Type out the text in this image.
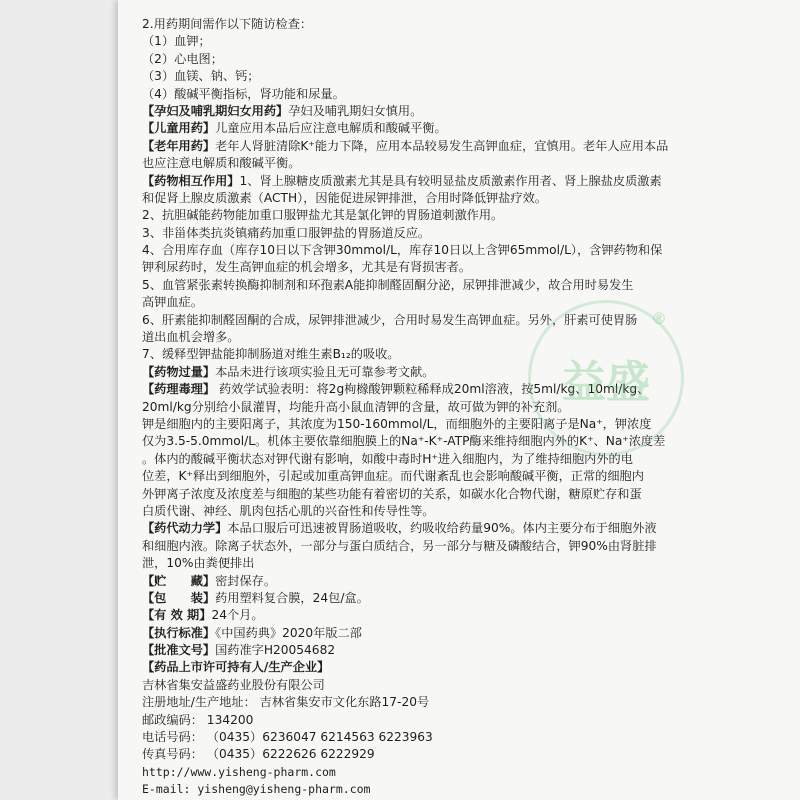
2.用药期间需作以下随访检查：
（1）血钾；
（2）心电图；
（3）血镁、钠、钙；
（4）酸碱平衡指标，肾功能和尿量。
【孕妇及哺乳期妇女用药】孕妇及哺乳期妇女慎用。
【儿童用药】儿童应用本品后应注意电解质和酸碱平衡。
【老年用药】老年人肾脏清除K⁺能力下降，应用本品较易发生高钾血症，宜慎用。老年人应用本品
也应注意电解质和酸碱平衡。
【药物相互作用】1、肾上腺糖皮质激素尤其是具有较明显盐皮质激素作用者、肾上腺盐皮质激素
和促肾上腺皮质激素（ACTH），因能促进尿钾排泄，合用时降低钾盐疗效。
2、抗胆碱能药物能加重口服钾盐尤其是氯化钾的胃肠道刺激作用。
3、非甾体类抗炎镇痛药加重口服钾盐的胃肠道反应。
4、合用库存血（库存10日以下含钾30mmol/L，库存10日以上含钾65mmol/L），含钾药物和保
钾利尿药时，发生高钾血症的机会增多，尤其是有肾损害者。
5、血管紧张素转换酶抑制剂和环孢素A能抑制醛固酮分泌，尿钾排泄减少，故合用时易发生
高钾血症。
6、肝素能抑制醛固酮的合成，尿钾排泄减少，合用时易发生高钾血症。另外，肝素可使胃肠
道出血机会增多。
7、缓释型钾盐能抑制肠道对维生素B₁₂的吸收。
【药物过量】本品未进行该项实验且无可靠参考文献。
【药理毒理】 药效学试验表明：将2g枸橼酸钾颗粒稀释成20ml溶液，按5ml/kg、10ml/kg、
20ml/kg分别给小鼠灌胃，均能升高小鼠血清钾的含量，故可做为钾的补充剂。
钾是细胞内的主要阳离子，其浓度为150-160mmol/L，而细胞外的主要阳离子是Na⁺，钾浓度
仅为3.5-5.0mmol/L。机体主要依靠细胞膜上的Na⁺-K⁺-ATP酶来维持细胞内外的K⁺、Na⁺浓度差
。体内的酸碱平衡状态对钾代谢有影响，如酸中毒时H⁺进入细胞内，为了维持细胞内外的电
位差，K⁺释出到细胞外，引起或加重高钾血症。而代谢紊乱也会影响酸碱平衡，正常的细胞内
外钾离子浓度及浓度差与细胞的某些功能有着密切的关系，如碳水化合物代谢，糖原贮存和蛋
白质代谢、神经、肌肉包括心肌的兴奋性和传导性等。
【药代动力学】本品口服后可迅速被胃肠道吸收，约吸收给药量90%。体内主要分布于细胞外液
和细胞内液。除离子状态外，一部分与蛋白质结合，另一部分与糖及磷酸结合，钾90%由肾脏排
泄，10%由粪便排出
【贮　　藏】密封保存。
【包　　装】药用塑料复合膜，24包/盒。
【有 效 期】24个月。
【执行标准】《中国药典》2020年版二部
【批准文号】国药准字H20054682
【药品上市许可持有人/生产企业】
吉林省集安益盛药业股份有限公司
注册地址/生产地址： 吉林省集安市文化东路17-20号
邮政编码： 134200
电话号码： （0435）6236047 6214563 6223963
传真号码： （0435）6222626 6222929
http://www.yisheng-pharm.com
E-mail: yisheng@yisheng-pharm.com
益盛
®
